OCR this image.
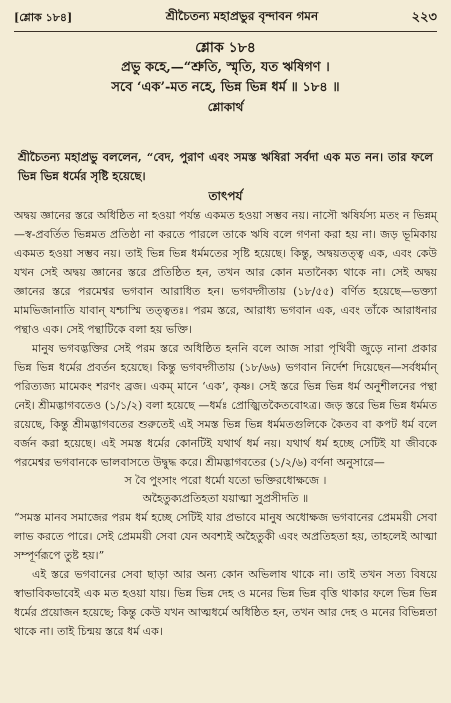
[শ্লোক ১৮৪]	শ্রীচৈতন্য মহাপ্রভুর বৃন্দাবন গমন	২২৩
শ্লোক ১৮৪
প্রভু কহে,—“শ্রুতি, স্মৃতি, যত ঋষিগণ ।
সবে ‘এক’-মত নহে, ভিন্ন ভিন্ন ধর্ম ॥ ১৮৪ ॥
শ্লোকার্থ
শ্রীচৈতন্য মহাপ্রভু বললেন, “বেদ, পুরাণ এবং সমস্ত ঋষিরা সর্বদা এক মত নন। তার ফলে ভিন্ন ভিন্ন ধর্মের সৃষ্টি হয়েছে।
তাৎপর্য

অদ্বয় জ্ঞানের স্তরে অধিষ্ঠিত না হওয়া পর্যন্ত একমত হওয়া সম্ভব নয়। নাসৌ ঋষির্যস্য মতং ন ভিন্নম্—স্ব-প্রবর্তিত ভিন্নমত প্রতিষ্ঠা না করতে পারলে তাকে ঋষি বলে গণনা করা হয় না। জড় ভূমিকায় একমত হওয়া সম্ভব নয়। তাই ভিন্ন ভিন্ন ধর্মমতের সৃষ্টি হয়েছে। কিন্তু, অদ্বয়তত্ত্ব এক, এবং কেউ যখন সেই অদ্বয় জ্ঞানের স্তরে প্রতিষ্ঠিত হন, তখন আর কোন মতানৈক্য থাকে না। সেই অদ্বয় জ্ঞানের স্তরে পরমেশ্বর ভগবান আরাধিত হন। ভগবদ্গীতায় (১৮/৫৫) বর্ণিত হয়েছে—ভক্ত্যা মামভিজানাতি যাবান্ যশ্চাস্মি তত্ত্বতঃ। পরম স্তরে, আরাধ্য ভগবান এক, এবং তাঁকে আরাধনার পন্থাও এক। সেই পন্থাটিকে বলা হয় ভক্তি।

মানুষ ভগবদ্ভক্তির সেই পরম স্তরে অধিষ্ঠিত হননি বলে আজ সারা পৃথিবী জুড়ে নানা প্রকার ভিন্ন ভিন্ন ধর্মের প্রবর্তন হয়েছে। কিন্তু ভগবদ্গীতায় (১৮/৬৬) ভগবান নির্দেশ দিয়েছেন—সর্বধর্মান্ পরিত্যজ্য মামেকং শরণং ব্রজ। একম্ মানে ‘এক’, কৃষ্ণ। সেই স্তরে ভিন্ন ভিন্ন ধর্ম অনুশীলনের পন্থা নেই। শ্রীমদ্ভাগবতেও (১/১/২) বলা হয়েছে —ধর্মঃ প্রোজ্ঝিতকৈতবোঽত্র। জড় স্তরে ভিন্ন ভিন্ন ধর্মমত রয়েছে, কিন্তু শ্রীমদ্ভাগবতের শুরুতেই এই সমস্ত ভিন্ন ভিন্ন ধর্মমতগুলিকে কৈতব বা কপট ধর্ম বলে বর্জন করা হয়েছে। এই সমস্ত ধর্মের কোনটিই যথার্থ ধর্ম নয়। যথার্থ ধর্ম হচ্ছে সেটিই যা জীবকে পরমেশ্বর ভগবানকে ভালবাসতে উদ্বুদ্ধ করে। শ্রীমদ্ভাগবতের (১/২/৬) বর্ণনা অনুসারে—

স বৈ পুংসাং পরো ধর্মো যতো ভক্তিরধোক্ষজে ।

অহৈতুক্যপ্রতিহতা যয়াত্মা সুপ্রসীদতি ॥

“সমস্ত মানব সমাজের পরম ধর্ম হচ্ছে সেটিই যার প্রভাবে মানুষ অধোক্ষজ ভগবানের প্রেমময়ী সেবা লাভ করতে পারে। সেই প্রেমময়ী সেবা যেন অবশ্যই অহৈতুকী এবং অপ্রতিহতা হয়, তাহলেই আত্মা সম্পূর্ণরূপে তুষ্ট হয়।”

এই স্তরে ভগবানের সেবা ছাড়া আর অন্য কোন অভিলাষ থাকে না। তাই তখন সত্য বিষয়ে স্বাভাবিকভাবেই এক মত হওয়া যায়। ভিন্ন ভিন্ন দেহ ও মনের ভিন্ন ভিন্ন বৃত্তি থাকার ফলে ভিন্ন ভিন্ন ধর্মের প্রয়োজন হয়েছে; কিন্তু কেউ যখন আত্মধর্মে অধিষ্ঠিত হন, তখন আর দেহ ও মনের বিভিন্নতা থাকে না। তাই চিন্ময় স্তরে ধর্ম এক।
